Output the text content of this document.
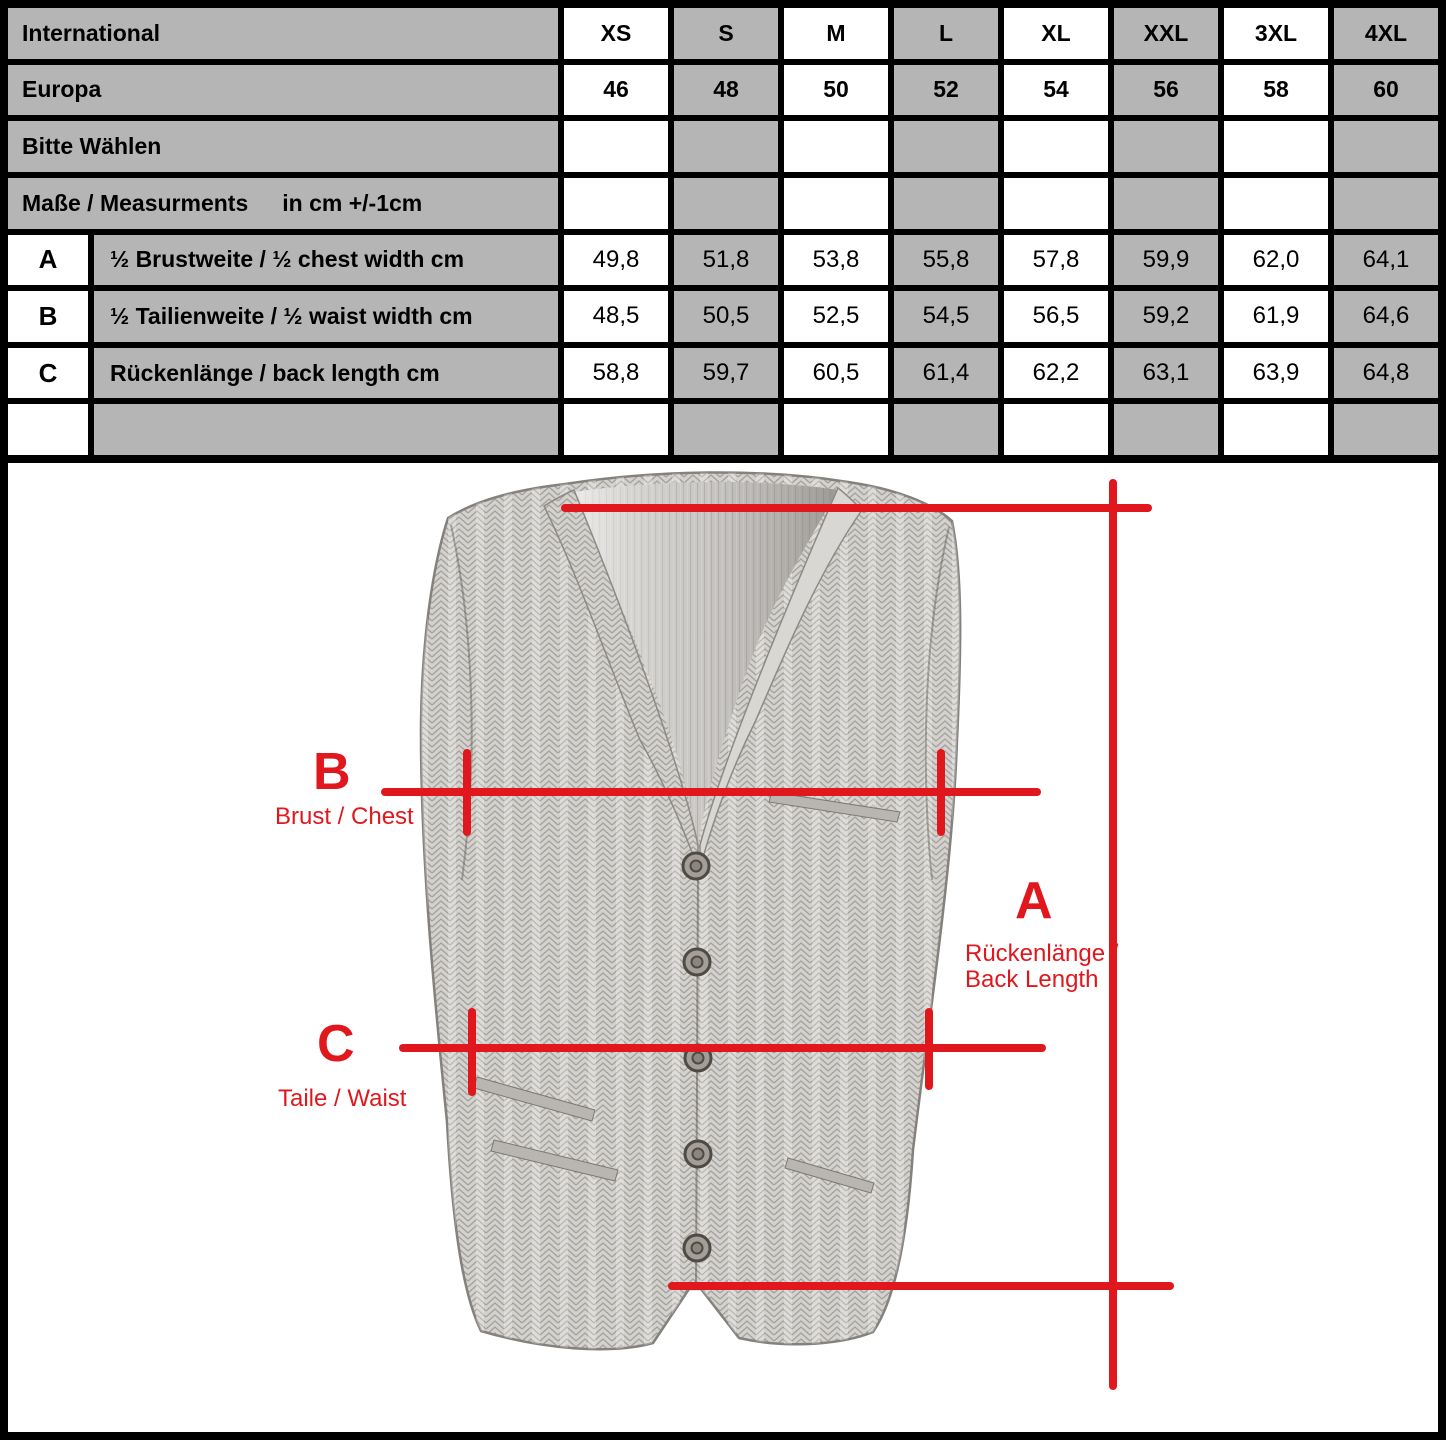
International	XS	S	M	L	XL	XXL	3XL	4XL
Europa	46	48	50	52	54	56	58	60
Bitte Wählen
Maße / Measurments in cm +/-1cm
A	½ Brustweite / ½ chest width cm	49,8	51,8	53,8	55,8	57,8	59,9	62,0	64,1
B	½ Tailienweite / ½ waist width cm	48,5	50,5	52,5	54,5	56,5	59,2	61,9	64,6
C	Rückenlänge / back length cm	58,8	59,7	60,5	61,4	62,2	63,1	63,9	64,8
B
Brust / Chest
C
Taile / Waist
A
Rückenlänge /
Back Length
